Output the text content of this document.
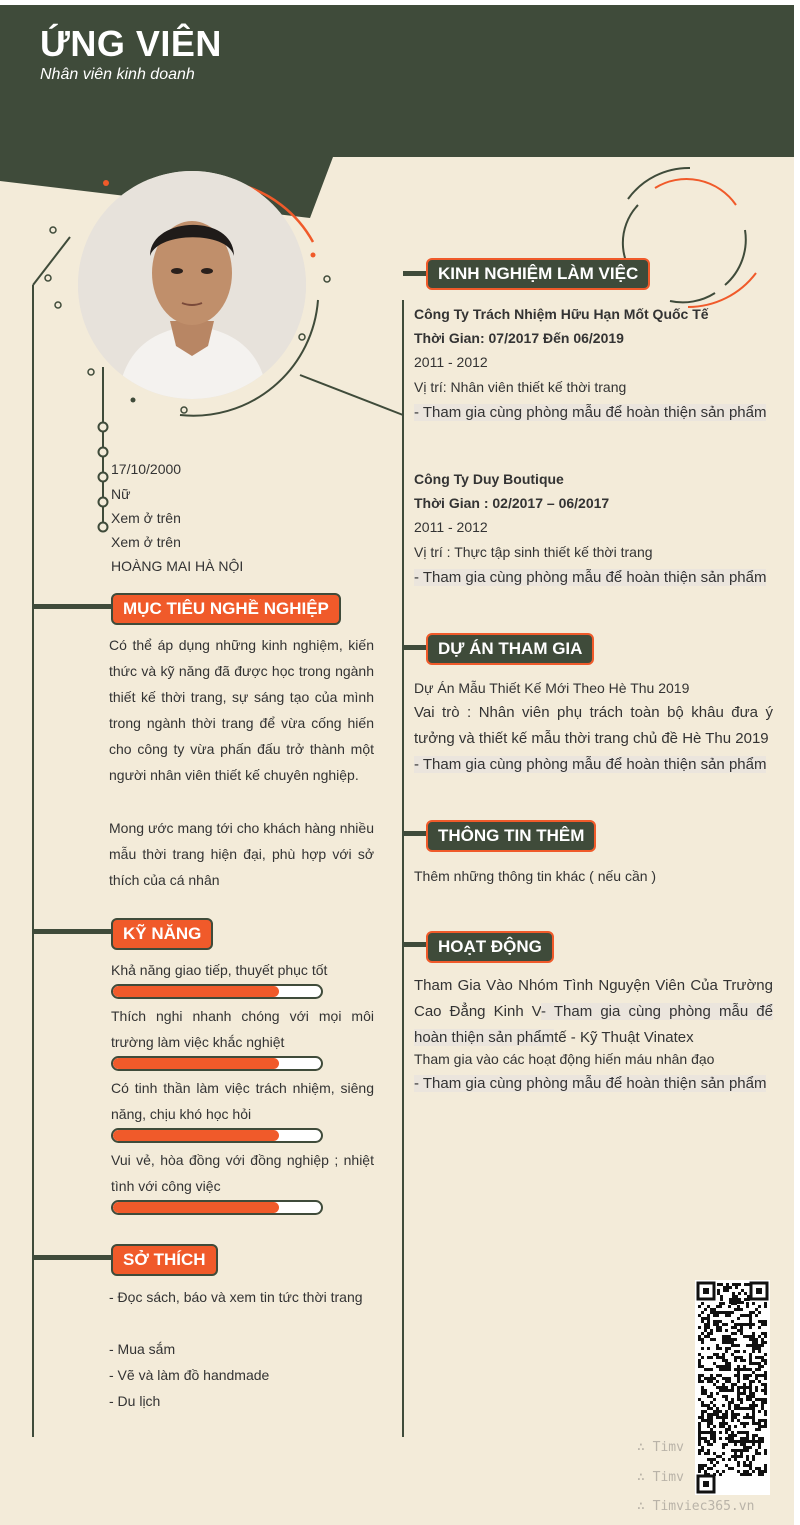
ỨNG VIÊN
Nhân viên kinh doanh
17/10/2000
Nữ
Xem ở trên
Xem ở trên
HOÀNG MAI HÀ NỘI
MỤC TIÊU NGHỀ NGHIỆP
Có thể áp dụng những kinh nghiệm, kiến thức và kỹ năng đã được học trong ngành thiết kế thời trang, sự sáng tạo của mình trong ngành thời trang để vừa cống hiến cho công ty vừa phấn đấu trở thành một người nhân viên thiết kế chuyên nghiệp.
Mong ước mang tới cho khách hàng nhiều mẫu thời trang hiện đại, phù hợp với sở thích của cá nhân
KỸ NĂNG
Khả năng giao tiếp, thuyết phục tốt
Thích nghi nhanh chóng với mọi môi trường làm việc khắc nghiệt
Có tinh thần làm việc trách nhiệm, siêng năng, chịu khó học hỏi
Vui vẻ, hòa đồng với đồng nghiệp ; nhiệt tình với công việc
SỞ THÍCH
- Đọc sách, báo và xem tin tức thời trang
- Mua sắm
- Vẽ và làm đồ handmade
- Du lịch
KINH NGHIỆM LÀM VIỆC
Công Ty Trách Nhiệm Hữu Hạn Mốt Quốc Tế
Thời Gian: 07/2017 Đến 06/2019
2011 - 2012
Vị trí: Nhân viên thiết kế thời trang
- Tham gia cùng phòng mẫu để hoàn thiện sản phẩm
Công Ty Duy Boutique
Thời Gian : 02/2017 – 06/2017
2011 - 2012
Vị trí : Thực tập sinh thiết kế thời trang
- Tham gia cùng phòng mẫu để hoàn thiện sản phẩm
DỰ ÁN THAM GIA
Dự Án Mẫu Thiết Kế Mới Theo Hè Thu 2019
Vai trò : Nhân viên phụ trách toàn bộ khâu đưa ý tưởng và thiết kế mẫu thời trang chủ đề Hè Thu 2019
- Tham gia cùng phòng mẫu để hoàn thiện sản phẩm
THÔNG TIN THÊM
Thêm những thông tin khác ( nếu cần )
HOẠT ĐỘNG
Tham Gia Vào Nhóm Tình Nguyện Viên Của Trường Cao Đẳng Kinh V- Tham gia cùng phòng mẫu để hoàn thiện sản phẩmtế - Kỹ Thuật Vinatex
Tham gia vào các hoạt động hiến máu nhân đạo
- Tham gia cùng phòng mẫu để hoàn thiện sản phẩm
∴ Timv
∴ Timv
∴ Timviec365.vn
